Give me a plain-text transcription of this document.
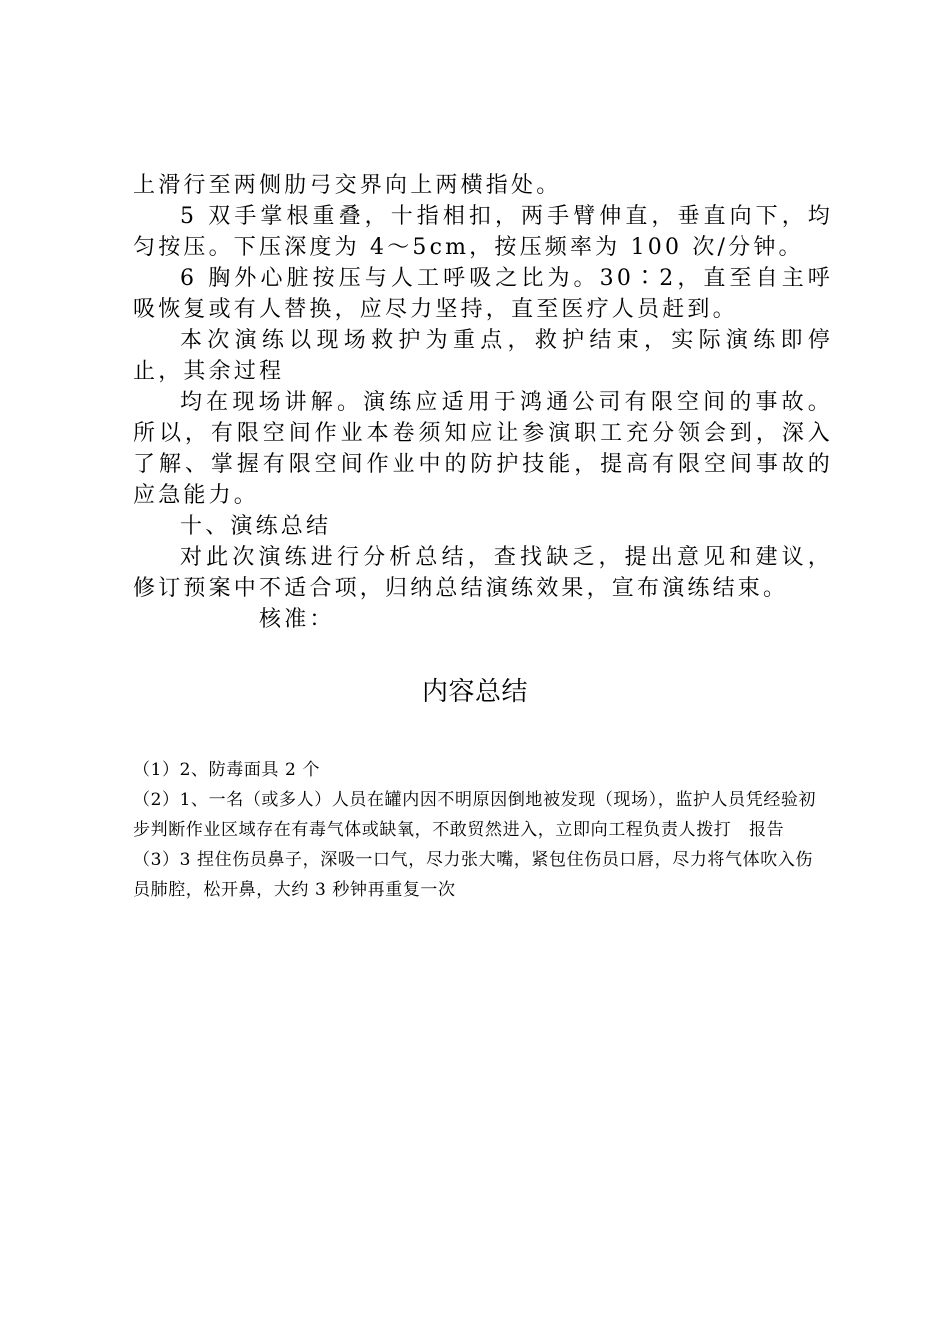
上滑行至两侧肋弓交界向上两横指处。

5 双手掌根重叠，十指相扣，两手臂伸直，垂直向下，均匀按压。下压深度为 4～5cm，按压频率为 100 次/分钟。

6 胸外心脏按压与人工呼吸之比为。30∶2，直至自主呼吸恢复或有人替换，应尽力坚持，直至医疗人员赶到。

本次演练以现场救护为重点，救护结束，实际演练即停止，其余过程

均在现场讲解。演练应适用于鸿通公司有限空间的事故。所以，有限空间作业本卷须知应让参演职工充分领会到，深入了解、掌握有限空间作业中的防护技能，提高有限空间事故的应急能力。

十、演练总结

对此次演练进行分析总结，查找缺乏，提出意见和建议，修订预案中不适合项，归纳总结演练效果，宣布演练结束。

核准：

内容总结

（1）2、防毒面具 2 个

（2）1、一名（或多人）人员在罐内因不明原因倒地被发现（现场），监护人员凭经验初步判断作业区域存在有毒气体或缺氧，不敢贸然进入，立即向工程负责人拨打　报告

（3）3 捏住伤员鼻子，深吸一口气，尽力张大嘴，紧包住伤员口唇，尽力将气体吹入伤员肺腔，松开鼻，大约 3 秒钟再重复一次
